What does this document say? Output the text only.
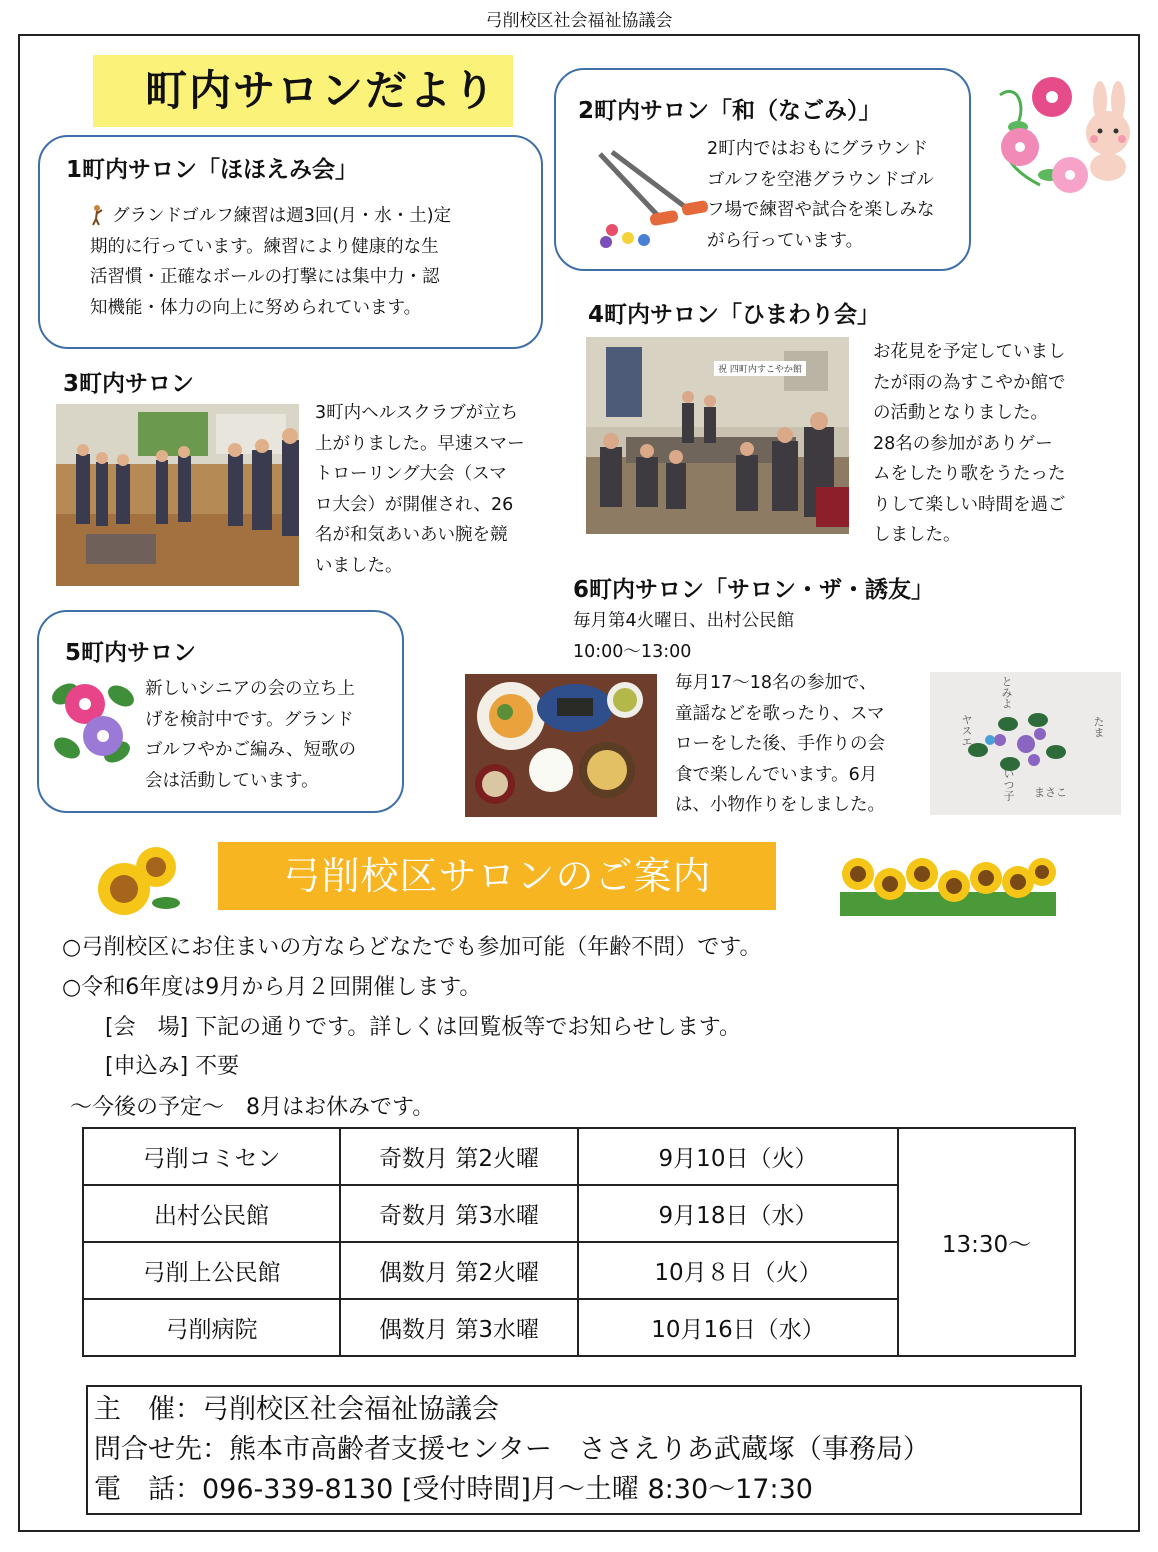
弓削校区社会福祉協議会
町内サロンだより
1町内サロン「ほほえみ会」
グランドゴルフ練習は週3回(月・水・土)定
期的に行っています。練習により健康的な生
活習慣・正確なボールの打撃には集中力・認
知機能・体力の向上に努められています。
2町内サロン「和（なごみ）」
2町内ではおもにグラウンド
ゴルフを空港グラウンドゴル
フ場で練習や試合を楽しみな
がら行っています。
3町内サロン
3町内ヘルスクラブが立ち
上がりました。早速スマー
トローリング大会（スマ
ロ大会）が開催され、26
名が和気あいあい腕を競
いました。
4町内サロン「ひまわり会」
祝 四町内すこやか館
お花見を予定していまし
たが雨の為すこやか館で
の活動となりました。
28名の参加がありゲー
ムをしたり歌をうたった
りして楽しい時間を過ご
しました。
6町内サロン「サロン・ザ・誘友」
毎月第4火曜日、出村公民館
10:00〜13:00
毎月17〜18名の参加で、
童謡などを歌ったり、スマ
ローをした後、手作りの会
食で楽しんでいます。6月
は、小物作りをしました。
とみよ
たま
ヤスエ
いつ子 まさこ
5町内サロン
新しいシニアの会の立ち上
げを検討中です。グランド
ゴルフやかご編み、短歌の
会は活動しています。
弓削校区サロンのご案内
○弓削校区にお住まいの方ならどなたでも参加可能（年齢不問）です。
○令和6年度は9月から月２回開催します。
[会　場] 下記の通りです。詳しくは回覧板等でお知らせします。
[申込み] 不要
〜今後の予定〜　8月はお休みです。
弓削コミセン	奇数月 第2火曜	9月10日（火）	13:30〜
出村公民館	奇数月 第3水曜	9月18日（水）	
弓削上公民館	偶数月 第2火曜	10月８日（火）	
弓削病院	偶数月 第3水曜	10月16日（水）	
主　催：弓削校区社会福祉協議会
問合せ先：熊本市高齢者支援センター　ささえりあ武蔵塚（事務局）
電　話：096-339-8130 [受付時間]月〜土曜 8:30〜17:30
